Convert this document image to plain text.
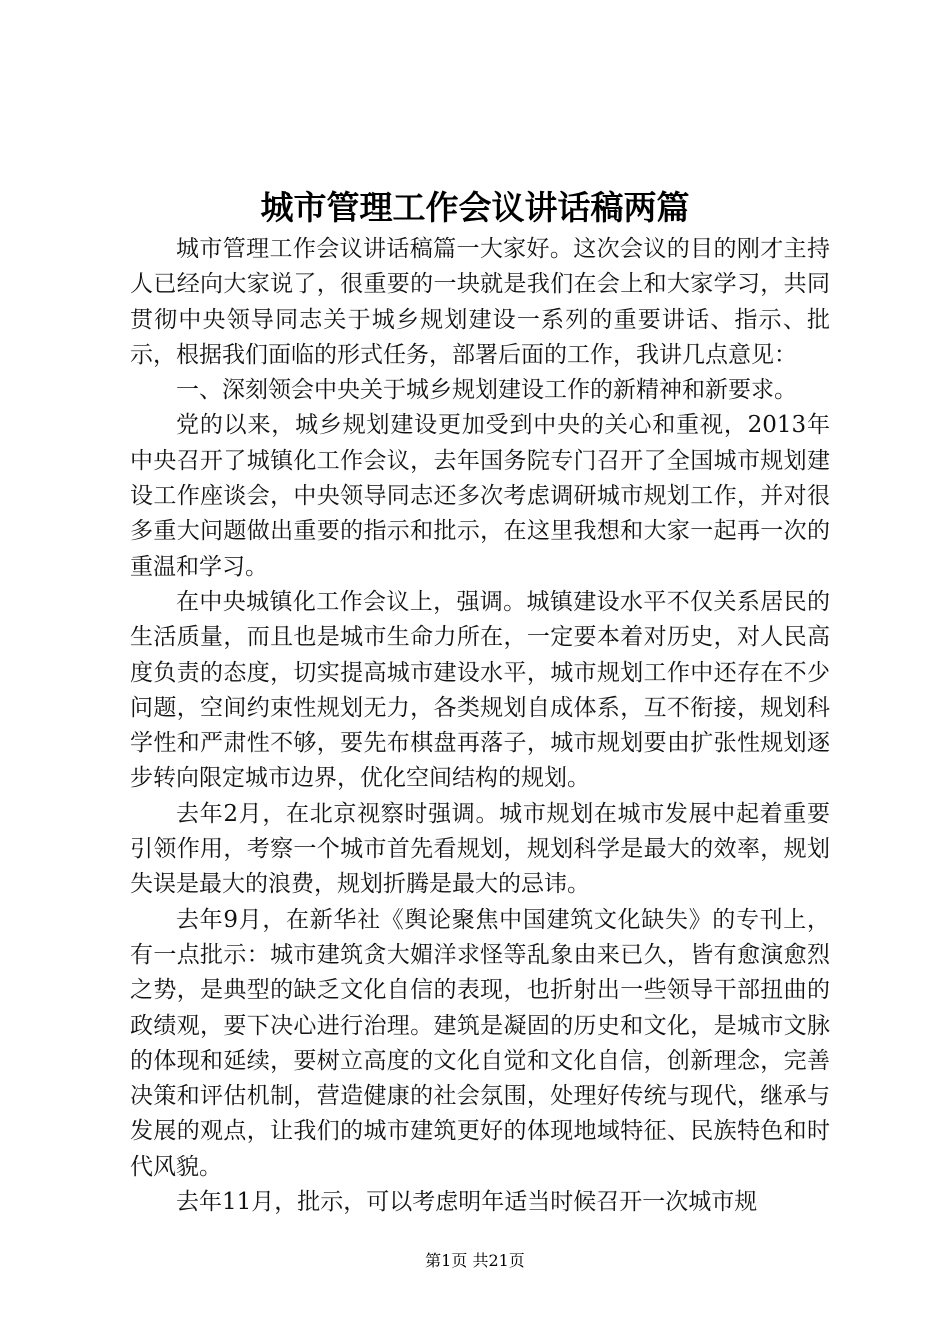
城市管理工作会议讲话稿两篇

城市管理工作会议讲话稿篇一大家好。这次会议的目的刚才主持人已经向大家说了，很重要的一块就是我们在会上和大家学习，共同贯彻中央领导同志关于城乡规划建设一系列的重要讲话、指示、批示，根据我们面临的形式任务，部署后面的工作，我讲几点意见：

一、深刻领会中央关于城乡规划建设工作的新精神和新要求。

党的以来，城乡规划建设更加受到中央的关心和重视，2013年中央召开了城镇化工作会议，去年国务院专门召开了全国城市规划建设工作座谈会，中央领导同志还多次考虑调研城市规划工作，并对很多重大问题做出重要的指示和批示，在这里我想和大家一起再一次的重温和学习。

在中央城镇化工作会议上，强调。城镇建设水平不仅关系居民的生活质量，而且也是城市生命力所在，一定要本着对历史，对人民高度负责的态度，切实提高城市建设水平，城市规划工作中还存在不少问题，空间约束性规划无力，各类规划自成体系，互不衔接，规划科学性和严肃性不够，要先布棋盘再落子，城市规划要由扩张性规划逐步转向限定城市边界，优化空间结构的规划。

去年2月，在北京视察时强调。城市规划在城市发展中起着重要引领作用，考察一个城市首先看规划，规划科学是最大的效率，规划失误是最大的浪费，规划折腾是最大的忌讳。

去年9月，在新华社《舆论聚焦中国建筑文化缺失》的专刊上，有一点批示：城市建筑贪大媚洋求怪等乱象由来已久，皆有愈演愈烈之势，是典型的缺乏文化自信的表现，也折射出一些领导干部扭曲的政绩观，要下决心进行治理。建筑是凝固的历史和文化，是城市文脉的体现和延续，要树立高度的文化自觉和文化自信，创新理念，完善决策和评估机制，营造健康的社会氛围，处理好传统与现代，继承与发展的观点，让我们的城市建筑更好的体现地域特征、民族特色和时代风貌。

去年11月，批示，可以考虑明年适当时候召开一次城市规

第1页 共21页
